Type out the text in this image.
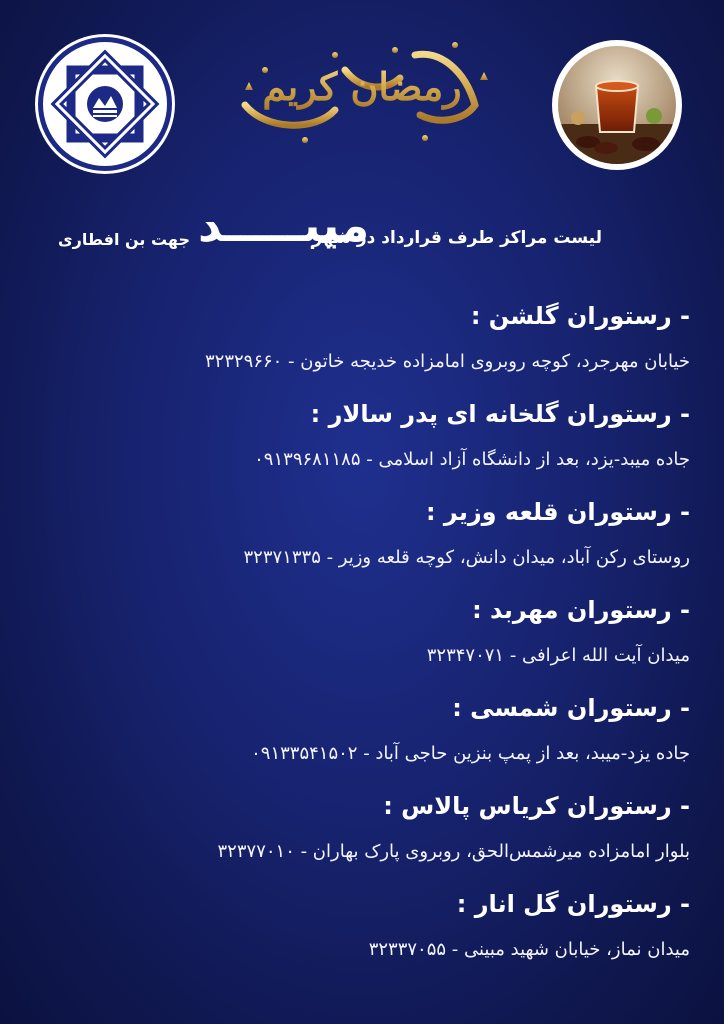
رمضان کریم

لیست مراکز طرف قرارداد در شهر

میبـــــد

جهت بن افطاری

- رستوران گلشن :

خیابان مهرجرد، کوچه روبروی امامزاده خدیجه خاتون - ۳۲۳۲۹۶۶۰

- رستوران گلخانه ای پدر سالار :

جاده میبد-یزد، بعد از دانشگاه آزاد اسلامی - ۰۹۱۳۹۶۸۱۱۸۵

- رستوران قلعه وزیر :

روستای رکن آباد، میدان دانش، کوچه قلعه وزیر - ۳۲۳۷۱۳۳۵

- رستوران مهربد :

میدان آیت الله اعرافی - ۳۲۳۴۷۰۷۱

- رستوران شمسی :

جاده یزد-میبد، بعد از پمپ بنزین حاجی آباد - ۰۹۱۳۳۵۴۱۵۰۲

- رستوران کریاس پالاس :

بلوار امامزاده میرشمس‌الحق، روبروی پارک بهاران - ۳۲۳۷۷۰۱۰

- رستوران گل انار :

میدان نماز، خیابان شهید مبینی - ۳۲۳۳۷۰۵۵
